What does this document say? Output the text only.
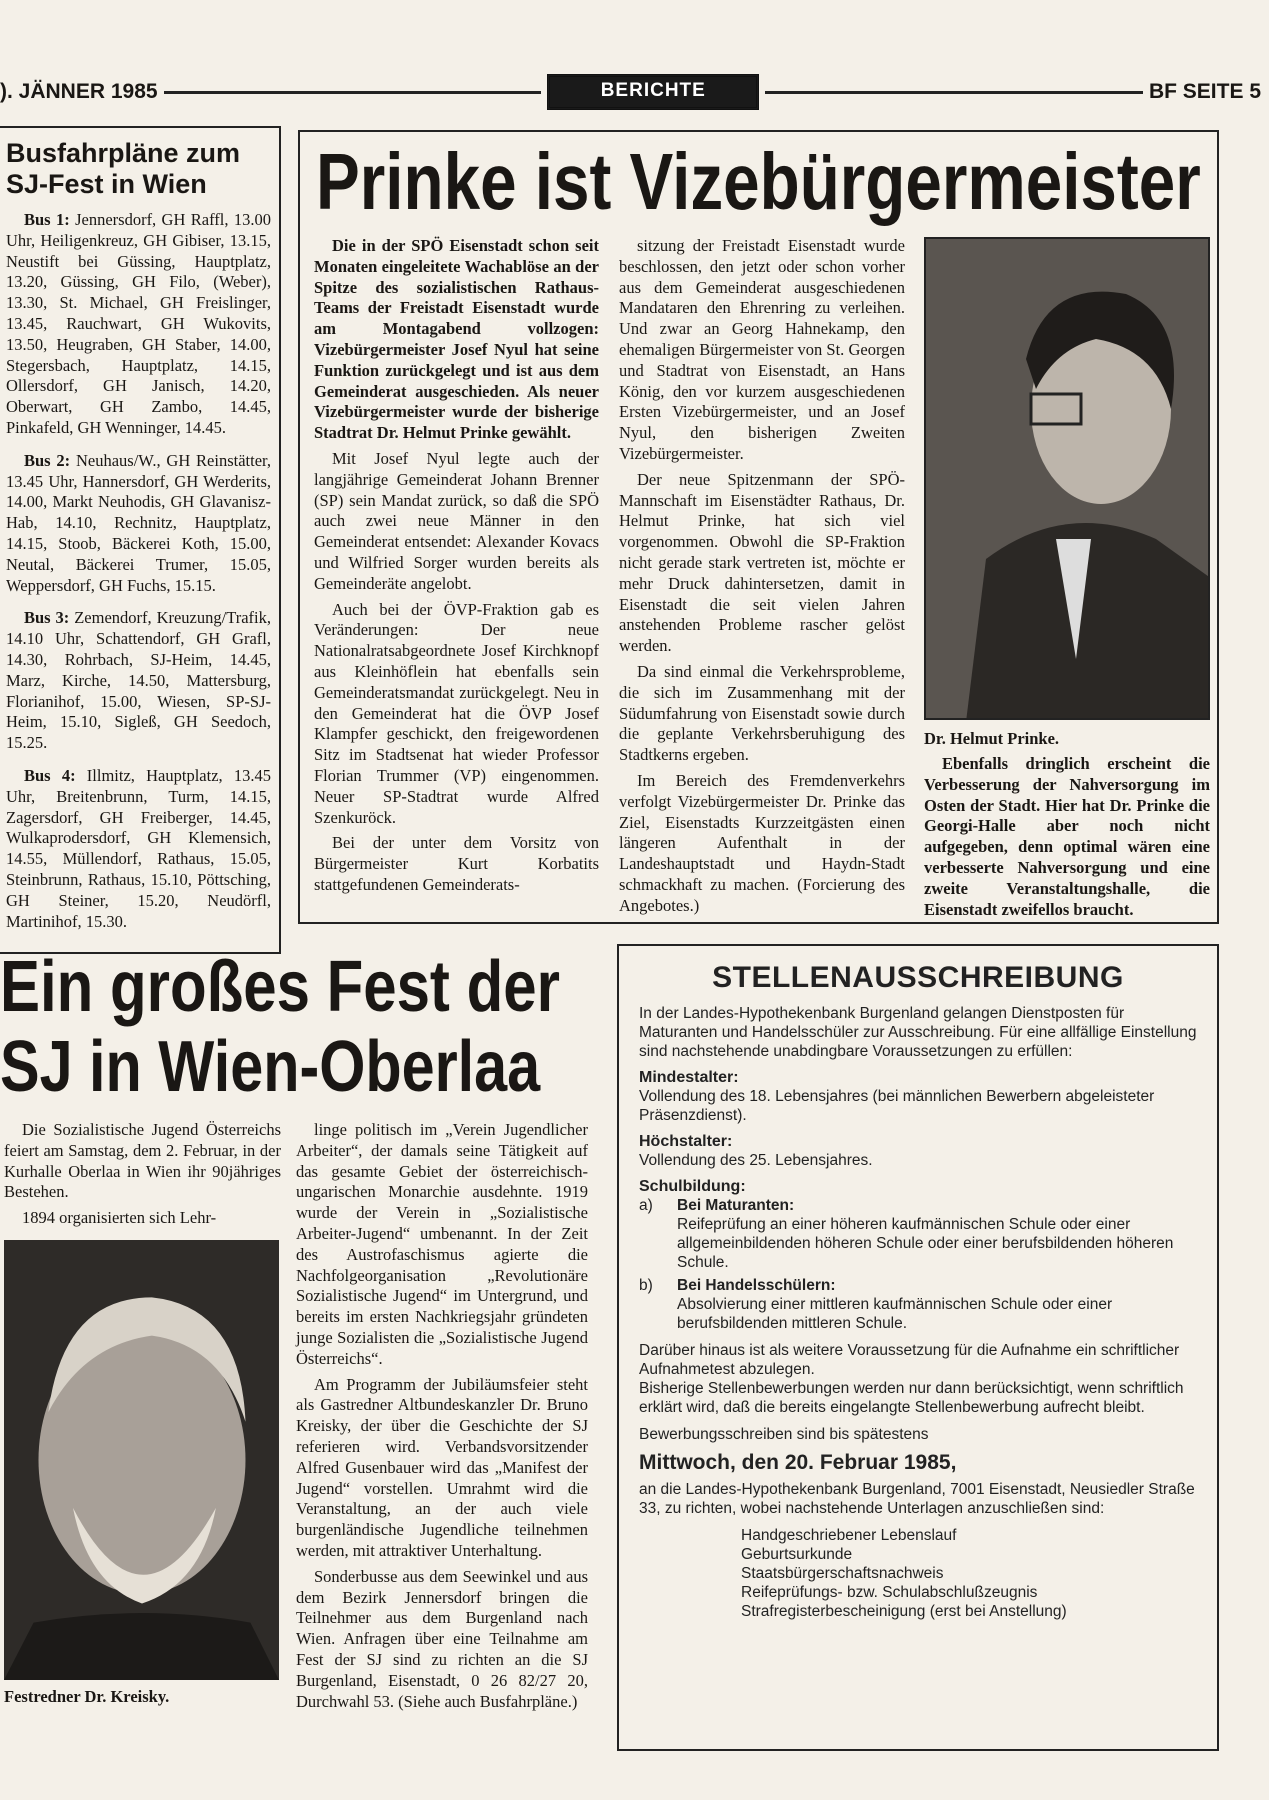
). JÄNNER 1985	BERICHTE	BF SEITE 5
Busfahrpläne zum SJ-Fest in Wien

Bus 1: Jennersdorf, GH Raffl, 13.00 Uhr, Heiligenkreuz, GH Gibiser, 13.15, Neustift bei Güssing, Hauptplatz, 13.20, Güssing, GH Filo, (Weber), 13.30, St. Michael, GH Freislinger, 13.45, Rauchwart, GH Wukovits, 13.50, Heugraben, GH Staber, 14.00, Stegersbach, Hauptplatz, 14.15, Ollersdorf, GH Janisch, 14.20, Oberwart, GH Zambo, 14.45, Pinkafeld, GH Wenninger, 14.45.

Bus 2: Neuhaus/W., GH Reinstätter, 13.45 Uhr, Hannersdorf, GH Werderits, 14.00, Markt Neuhodis, GH Glavanisz-Hab, 14.10, Rechnitz, Hauptplatz, 14.15, Stoob, Bäckerei Koth, 15.00, Neutal, Bäckerei Trumer, 15.05, Weppersdorf, GH Fuchs, 15.15.

Bus 3: Zemendorf, Kreuzung/Trafik, 14.10 Uhr, Schattendorf, GH Grafl, 14.30, Rohrbach, SJ-Heim, 14.45, Marz, Kirche, 14.50, Mattersburg, Florianihof, 15.00, Wiesen, SP-SJ-Heim, 15.10, Sigleß, GH Seedoch, 15.25.

Bus 4: Illmitz, Hauptplatz, 13.45 Uhr, Breitenbrunn, Turm, 14.15, Zagersdorf, GH Freiberger, 14.45, Wulkaprodersdorf, GH Klemensich, 14.55, Müllendorf, Rathaus, 15.05, Steinbrunn, Rathaus, 15.10, Pöttsching, GH Steiner, 15.20, Neudörfl, Martinihof, 15.30.

Prinke ist Vizebürgermeister

Die in der SPÖ Eisenstadt schon seit Monaten eingeleitete Wachablöse an der Spitze des sozialistischen Rathaus-Teams der Freistadt Eisenstadt wurde am Montagabend vollzogen: Vizebürgermeister Josef Nyul hat seine Funktion zurückgelegt und ist aus dem Gemeinderat ausgeschieden. Als neuer Vizebürgermeister wurde der bisherige Stadtrat Dr. Helmut Prinke gewählt.

Mit Josef Nyul legte auch der langjährige Gemeinderat Johann Brenner (SP) sein Mandat zurück, so daß die SPÖ auch zwei neue Männer in den Gemeinderat entsendet: Alexander Kovacs und Wilfried Sorger wurden bereits als Gemeinderäte angelobt.

Auch bei der ÖVP-Fraktion gab es Veränderungen: Der neue Nationalratsabgeordnete Josef Kirchknopf aus Kleinhöflein hat ebenfalls sein Gemeinderatsmandat zurückgelegt. Neu in den Gemeinderat hat die ÖVP Josef Klampfer geschickt, den freigewordenen Sitz im Stadtsenat hat wieder Professor Florian Trummer (VP) eingenommen. Neuer SP-Stadtrat wurde Alfred Szenkuröck.

Bei der unter dem Vorsitz von Bürgermeister Kurt Korbatits stattgefundenen Gemeinderats-

sitzung der Freistadt Eisenstadt wurde beschlossen, den jetzt oder schon vorher aus dem Gemeinderat ausgeschiedenen Mandataren den Ehrenring zu verleihen. Und zwar an Georg Hahnekamp, den ehemaligen Bürgermeister von St. Georgen und Stadtrat von Eisenstadt, an Hans König, den vor kurzem ausgeschiedenen Ersten Vizebürgermeister, und an Josef Nyul, den bisherigen Zweiten Vizebürgermeister.

Der neue Spitzenmann der SPÖ-Mannschaft im Eisenstädter Rathaus, Dr. Helmut Prinke, hat sich viel vorgenommen. Obwohl die SP-Fraktion nicht gerade stark vertreten ist, möchte er mehr Druck dahintersetzen, damit in Eisenstadt die seit vielen Jahren anstehenden Probleme rascher gelöst werden.

Da sind einmal die Verkehrsprobleme, die sich im Zusammenhang mit der Südumfahrung von Eisenstadt sowie durch die geplante Verkehrsberuhigung des Stadtkerns ergeben.

Im Bereich des Fremdenverkehrs verfolgt Vizebürgermeister Dr. Prinke das Ziel, Eisenstadts Kurzzeitgästen einen längeren Aufenthalt in der Landeshauptstadt und Haydn-Stadt schmackhaft zu machen. (Forcierung des Angebotes.)

Dr. Helmut Prinke.

Ebenfalls dringlich erscheint die Verbesserung der Nahversorgung im Osten der Stadt. Hier hat Dr. Prinke die Georgi-Halle aber noch nicht aufgegeben, denn optimal wären eine verbesserte Nahversorgung und eine zweite Veranstaltungshalle, die Eisenstadt zweifellos braucht.

Ein großes Fest der
SJ in Wien-Oberlaa

Die Sozialistische Jugend Österreichs feiert am Samstag, dem 2. Februar, in der Kurhalle Oberlaa in Wien ihr 90jähriges Bestehen.

1894 organisierten sich Lehr-

Festredner Dr. Kreisky.

linge politisch im „Verein Jugendlicher Arbeiter“, der damals seine Tätigkeit auf das gesamte Gebiet der österreichisch-ungarischen Monarchie ausdehnte. 1919 wurde der Verein in „Sozialistische Arbeiter-Jugend“ umbenannt. In der Zeit des Austrofaschismus agierte die Nachfolgeorganisation „Revolutionäre Sozialistische Jugend“ im Untergrund, und bereits im ersten Nachkriegsjahr gründeten junge Sozialisten die „Sozialistische Jugend Österreichs“.

Am Programm der Jubiläumsfeier steht als Gastredner Altbundeskanzler Dr. Bruno Kreisky, der über die Geschichte der SJ referieren wird. Verbandsvorsitzender Alfred Gusenbauer wird das „Manifest der Jugend“ vorstellen. Umrahmt wird die Veranstaltung, an der auch viele burgenländische Jugendliche teilnehmen werden, mit attraktiver Unterhaltung.

Sonderbusse aus dem Seewinkel und aus dem Bezirk Jennersdorf bringen die Teilnehmer aus dem Burgenland nach Wien. Anfragen über eine Teilnahme am Fest der SJ sind zu richten an die SJ Burgenland, Eisenstadt, 0 26 82/27 20, Durchwahl 53. (Siehe auch Busfahrpläne.)

STELLENAUSSCHREIBUNG
In der Landes-Hypothekenbank Burgenland gelangen Dienstposten für Maturanten und Handelsschüler zur Ausschreibung. Für eine allfällige Einstellung sind nachstehende unabdingbare Voraussetzungen zu erfüllen:
Mindestalter:
Vollendung des 18. Lebensjahres (bei männlichen Bewerbern abgeleisteter Präsenzdienst).
Höchstalter:
Vollendung des 25. Lebensjahres.
Schulbildung:
a)	Bei Maturanten:
Reifeprüfung an einer höheren kaufmännischen Schule oder einer allgemeinbildenden höheren Schule oder einer berufsbildenden höheren Schule.
b)	Bei Handelsschülern:
Absolvierung einer mittleren kaufmännischen Schule oder einer berufsbildenden mittleren Schule.
Darüber hinaus ist als weitere Voraussetzung für die Aufnahme ein schriftlicher Aufnahmetest abzulegen.
Bisherige Stellenbewerbungen werden nur dann berücksichtigt, wenn schriftlich erklärt wird, daß die bereits eingelangte Stellenbewerbung aufrecht bleibt.
Bewerbungsschreiben sind bis spätestens
Mittwoch, den 20. Februar 1985,
an die Landes-Hypothekenbank Burgenland, 7001 Eisenstadt, Neusiedler Straße 33, zu richten, wobei nachstehende Unterlagen anzuschließen sind:
Handgeschriebener Lebenslauf
Geburtsurkunde
Staatsbürgerschaftsnachweis
Reifeprüfungs- bzw. Schulabschlußzeugnis
Strafregisterbescheinigung (erst bei Anstellung)
